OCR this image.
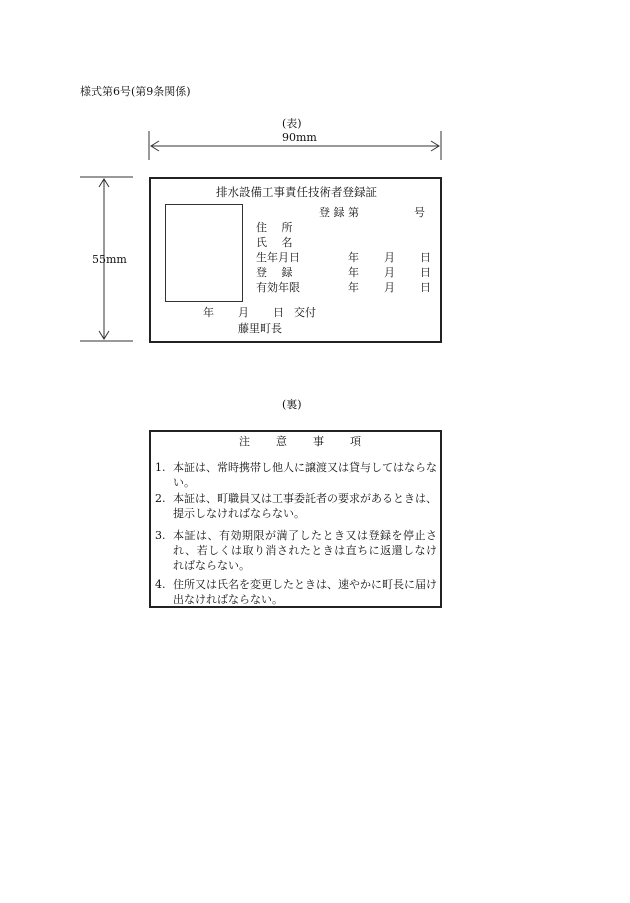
様式第6号(第9条関係)
(表)
90mm
55mm
排水設備工事責任技術者登録証
登 録 第	号
住　 所
氏　 名
生年月日
登　 録
有効年限
年 月 日
年 月 日
年 月 日
年 月 日 交付
藤里町長
(裏)
注 意 事 項
1. 本証は、常時携帯し他人に譲渡又は貸与してはならない。
2. 本証は、町職員又は工事委託者の要求があるときは、提示しなければならない。
3. 本証は、有効期限が満了したとき又は登録を停止され、若しくは取り消されたときは直ちに返還しなければならない。
4. 住所又は氏名を変更したときは、速やかに町長に届け出なければならない。
